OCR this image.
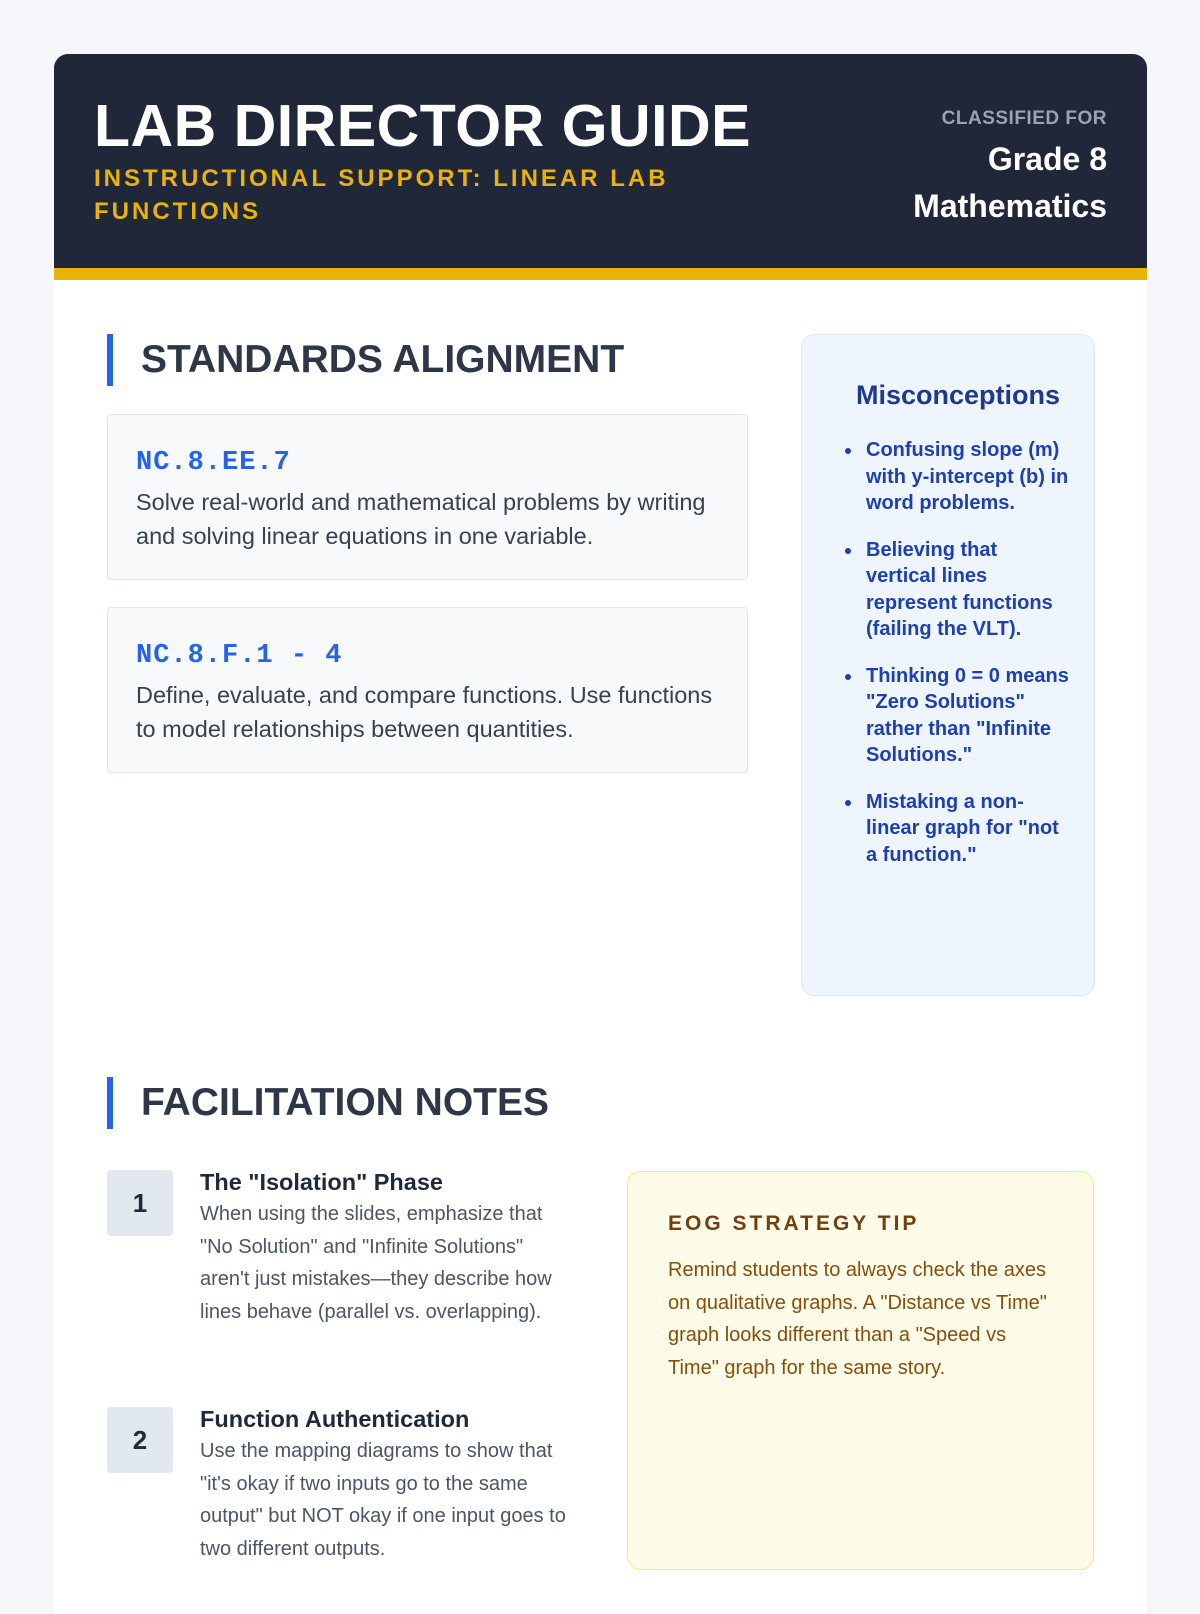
LAB DIRECTOR GUIDE
INSTRUCTIONAL SUPPORT: LINEAR LAB FUNCTIONS
CLASSIFIED FOR
Grade 8 Mathematics
STANDARDS ALIGNMENT
NC.8.EE.7
Solve real-world and mathematical problems by writing and solving linear equations in one variable.
NC.8.F.1 - 4
Define, evaluate, and compare functions. Use functions to model relationships between quantities.
Misconceptions
Confusing slope (m) with y-intercept (b) in word problems.
Believing that vertical lines represent functions (failing the VLT).
Thinking 0 = 0 means "Zero Solutions" rather than "Infinite Solutions."
Mistaking a non-linear graph for "not a function."
FACILITATION NOTES
1
The "Isolation" Phase
When using the slides, emphasize that "No Solution" and "Infinite Solutions" aren't just mistakes—they describe how lines behave (parallel vs. overlapping).
2
Function Authentication
Use the mapping diagrams to show that "it's okay if two inputs go to the same output" but NOT okay if one input goes to two different outputs.
EOG STRATEGY TIP
Remind students to always check the axes on qualitative graphs. A "Distance vs Time" graph looks different than a "Speed vs Time" graph for the same story.
